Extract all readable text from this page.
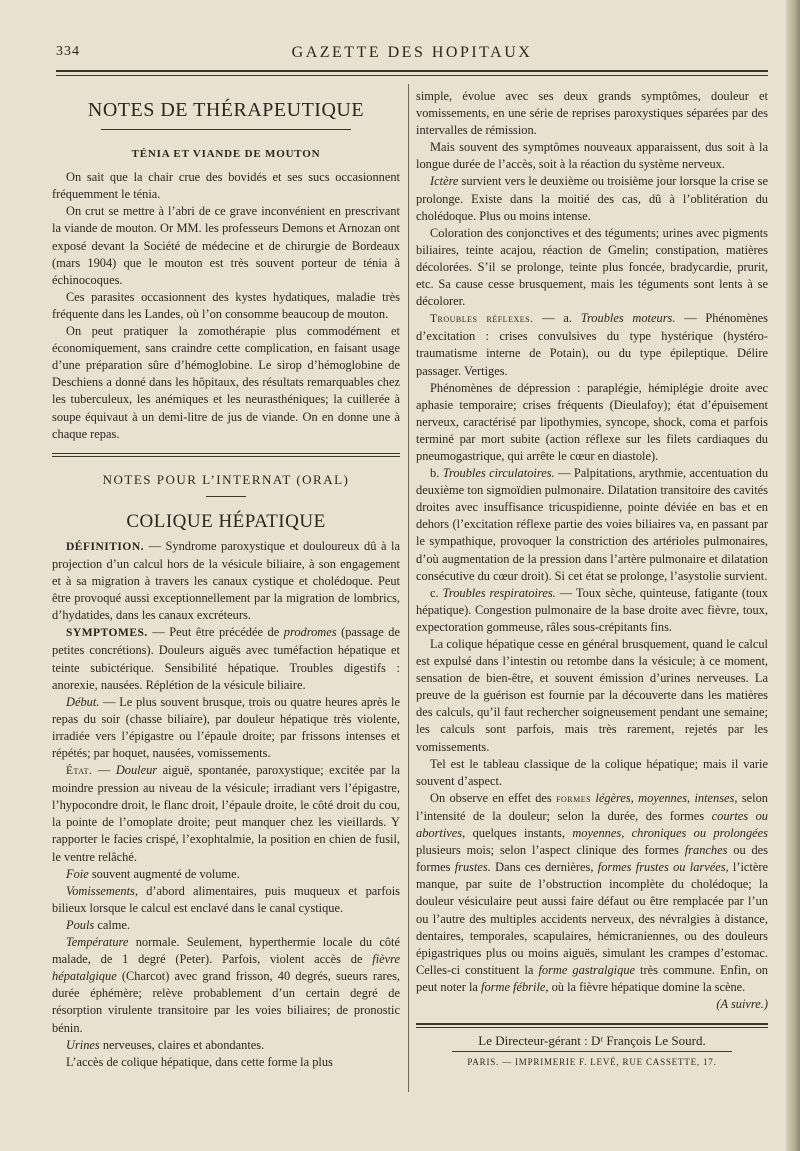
334	GAZETTE DES HOPITAUX
NOTES DE THÉRAPEUTIQUE
TÉNIA ET VIANDE DE MOUTON

On sait que la chair crue des bovidés et ses sucs occasionnent fréquemment le ténia.

On crut se mettre à l’abri de ce grave inconvénient en prescrivant la viande de mouton. Or MM. les professeurs Demons et Arnozan ont exposé devant la Société de médecine et de chirurgie de Bordeaux (mars 1904) que le mouton est très souvent porteur de ténia à échinocoques.

Ces parasites occasionnent des kystes hydatiques, maladie très fréquente dans les Landes, où l’on consomme beaucoup de mouton.

On peut pratiquer la zomothérapie plus commodément et économiquement, sans craindre cette complication, en faisant usage d’une préparation sûre d’hémoglobine. Le sirop d’hémoglobine de Deschiens a donné dans les hôpitaux, des résultats remarquables chez les tuberculeux, les anémiques et les neurasthéniques; la cuillerée à soupe équivaut à un demi-litre de jus de viande. On en donne une à chaque repas.

NOTES POUR L’INTERNAT (ORAL)
COLIQUE HÉPATIQUE

DÉFINITION. — Syndrome paroxystique et douloureux dû à la projection d’un calcul hors de la vésicule biliaire, à son engagement et à sa migration à travers les canaux cystique et cholédoque. Peut être provoqué aussi exceptionnellement par la migration de lombrics, d’hydatides, dans les canaux excréteurs.

SYMPTOMES. — Peut être précédée de prodromes (passage de petites concrétions). Douleurs aiguës avec tuméfaction hépatique et teinte subictérique. Sensibilité hépatique. Troubles digestifs : anorexie, nausées. Réplétion de la vésicule biliaire.

Début. — Le plus souvent brusque, trois ou quatre heures après le repas du soir (chasse biliaire), par douleur hépatique très violente, irradiée vers l’épigastre ou l’épaule droite; par frissons intenses et répétés; par hoquet, nausées, vomissements.

État. — Douleur aiguë, spontanée, paroxystique; excitée par la moindre pression au niveau de la vésicule; irradiant vers l’épigastre, l’hypocondre droit, le flanc droit, l’épaule droite, le côté droit du cou, la pointe de l’omoplate droite; peut manquer chez les vieillards. Y rapporter le facies crispé, l’exophtalmie, la position en chien de fusil, le ventre relâché.

Foie souvent augmenté de volume.

Vomissements, d’abord alimentaires, puis muqueux et parfois bilieux lorsque le calcul est enclavé dans le canal cystique.

Pouls calme.

Température normale. Seulement, hyperthermie locale du côté malade, de 1 degré (Peter). Parfois, violent accès de fièvre hépatalgique (Charcot) avec grand frisson, 40 degrés, sueurs rares, durée éphémère; relève probablement d’un certain degré de résorption virulente transitoire par les voies biliaires; de pronostic bénin.

Urines nerveuses, claires et abondantes.

L’accès de colique hépatique, dans cette forme la plus

simple, évolue avec ses deux grands symptômes, douleur et vomissements, en une série de reprises paroxystiques séparées par des intervalles de rémission.

Mais souvent des symptômes nouveaux apparaissent, dus soit à la longue durée de l’accès, soit à la réaction du système nerveux.

Ictère survient vers le deuxième ou troisième jour lorsque la crise se prolonge. Existe dans la moitié des cas, dû à l’oblitération du cholédoque. Plus ou moins intense.

Coloration des conjonctives et des téguments; urines avec pigments biliaires, teinte acajou, réaction de Gmelin; constipation, matières décolorées. S’il se prolonge, teinte plus foncée, bradycardie, prurit, etc. Sa cause cesse brusquement, mais les téguments sont lents à se décolorer.

Troubles réflexes. — a. Troubles moteurs. — Phénomènes d’excitation : crises convulsives du type hystérique (hystéro-traumatisme interne de Potain), ou du type épileptique. Délire passager. Vertiges.

Phénomènes de dépression : paraplégie, hémiplégie droite avec aphasie temporaire; crises fréquents (Dieulafoy); état d’épuisement nerveux, caractérisé par lipothymies, syncope, shock, coma et parfois terminé par mort subite (action réflexe sur les filets cardiaques du pneumogastrique, qui arrête le cœur en diastole).

b. Troubles circulatoires. — Palpitations, arythmie, accentuation du deuxième ton sigmoïdien pulmonaire. Dilatation transitoire des cavités droites avec insuffisance tricuspidienne, pointe déviée en bas et en dehors (l’excitation réflexe partie des voies biliaires va, en passant par le sympathique, provoquer la constriction des artérioles pulmonaires, d’où augmentation de la pression dans l’artère pulmonaire et dilatation consécutive du cœur droit). Si cet état se prolonge, l’asystolie survient.

c. Troubles respiratoires. — Toux sèche, quinteuse, fatigante (toux hépatique). Congestion pulmonaire de la base droite avec fièvre, toux, expectoration gommeuse, râles sous-crépitants fins.

La colique hépatique cesse en général brusquement, quand le calcul est expulsé dans l’intestin ou retombe dans la vésicule; à ce moment, sensation de bien-être, et souvent émission d’urines nerveuses. La preuve de la guérison est fournie par la découverte dans les matières des calculs, qu’il faut rechercher soigneusement pendant une semaine; les calculs sont parfois, mais très rarement, rejetés par les vomissements.

Tel est le tableau classique de la colique hépatique; mais il varie souvent d’aspect.

On observe en effet des formes légères, moyennes, intenses, selon l’intensité de la douleur; selon la durée, des formes courtes ou abortives, quelques instants, moyennes, chroniques ou prolongées plusieurs mois; selon l’aspect clinique des formes franches ou des formes frustes. Dans ces dernières, formes frustes ou larvées, l’ictère manque, par suite de l’obstruction incomplète du cholédoque; la douleur vésiculaire peut aussi faire défaut ou être remplacée par l’un ou l’autre des multiples accidents nerveux, des névralgies à distance, dentaires, temporales, scapulaires, hémicraniennes, ou des douleurs épigastriques plus ou moins aiguës, simulant les crampes d’estomac. Celles-ci constituent la forme gastralgique très commune. Enfin, on peut noter la forme fébrile, où la fièvre hépatique domine la scène.
(A suivre.)

Le Directeur-gérant : Dʳ François Le Sourd.
PARIS. — IMPRIMERIE F. LEVÉ, RUE CASSETTE, 17.
